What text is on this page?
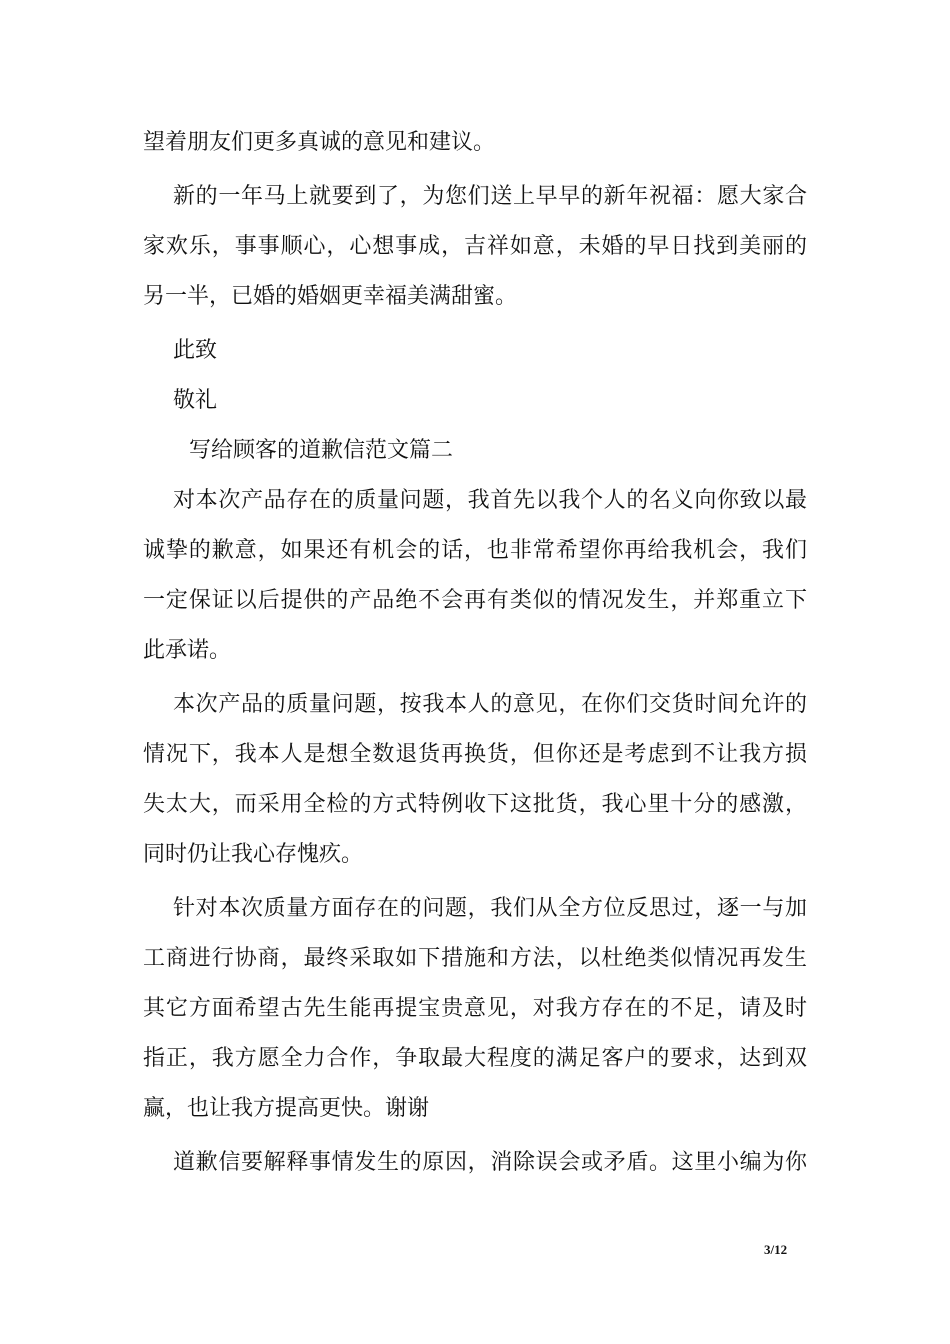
望着朋友们更多真诚的意见和建议。
新的一年马上就要到了，为您们送上早早的新年祝福：愿大家合
家欢乐，事事顺心，心想事成，吉祥如意，未婚的早日找到美丽的
另一半，已婚的婚姻更幸福美满甜蜜。
此致
敬礼
写给顾客的道歉信范文篇二
对本次产品存在的质量问题，我首先以我个人的名义向你致以最
诚挚的歉意，如果还有机会的话，也非常希望你再给我机会，我们
一定保证以后提供的产品绝不会再有类似的情况发生，并郑重立下
此承诺。
本次产品的质量问题，按我本人的意见，在你们交货时间允许的
情况下，我本人是想全数退货再换货，但你还是考虑到不让我方损
失太大，而采用全检的方式特例收下这批货，我心里十分的感激，
同时仍让我心存愧疚。
针对本次质量方面存在的问题，我们从全方位反思过，逐一与加
工商进行协商，最终采取如下措施和方法，以杜绝类似情况再发生
其它方面希望古先生能再提宝贵意见，对我方存在的不足，请及时
指正，我方愿全力合作，争取最大程度的满足客户的要求，达到双
赢，也让我方提高更快。谢谢
道歉信要解释事情发生的原因，消除误会或矛盾。这里小编为你
3/12
